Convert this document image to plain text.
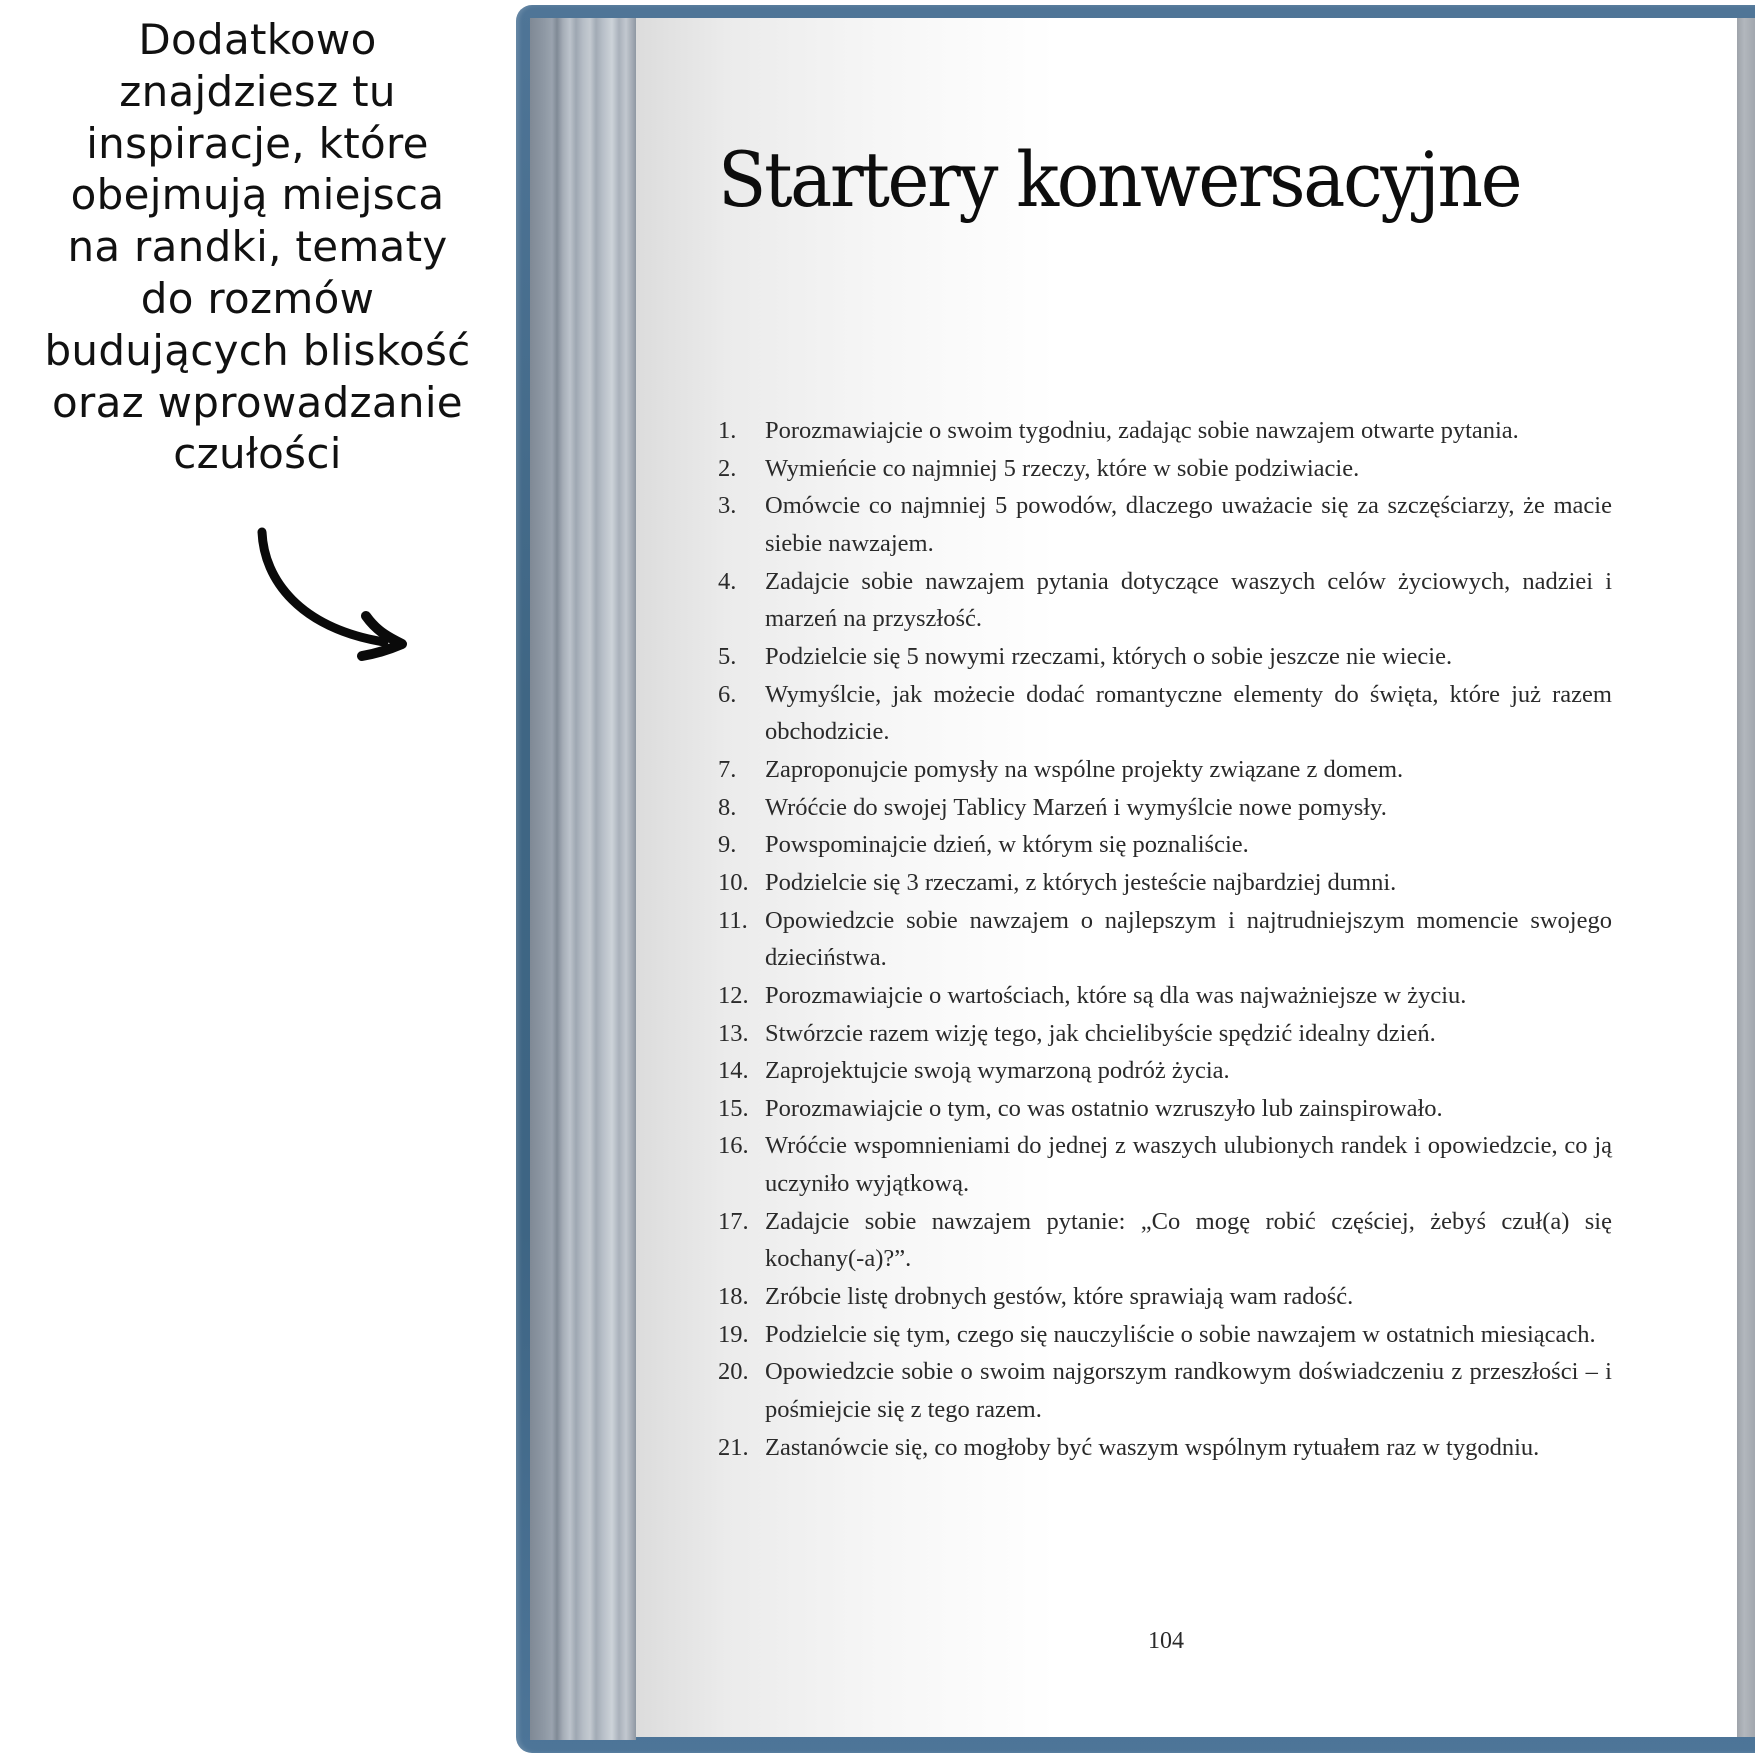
Dodatkowo
znajdziesz tu
inspiracje, które
obejmują miejsca
na randki, tematy
do rozmów
budujących bliskość
oraz wprowadzanie
czułości
Startery konwersacyjne
1. Porozmawiajcie o swoim tygodniu, zadając sobie nawzajem otwarte pytania.
2. Wymieńcie co najmniej 5 rzeczy, które w sobie podziwiacie.
3. Omówcie co najmniej 5 powodów, dlaczego uważacie się za szczęściarzy, że macie siebie nawzajem.
4. Zadajcie sobie nawzajem pytania dotyczące waszych celów życiowych, nadziei i marzeń na przyszłość.
5. Podzielcie się 5 nowymi rzeczami, których o sobie jeszcze nie wiecie.
6. Wymyślcie, jak możecie dodać romantyczne elementy do święta, które już razem obchodzicie.
7. Zaproponujcie pomysły na wspólne projekty związane z domem.
8. Wróćcie do swojej Tablicy Marzeń i wymyślcie nowe pomysły.
9. Powspominajcie dzień, w którym się poznaliście.
10. Podzielcie się 3 rzeczami, z których jesteście najbardziej dumni.
11. Opowiedzcie sobie nawzajem o najlepszym i najtrudniejszym momencie swojego dzieciństwa.
12. Porozmawiajcie o wartościach, które są dla was najważniejsze w życiu.
13. Stwórzcie razem wizję tego, jak chcielibyście spędzić idealny dzień.
14. Zaprojektujcie swoją wymarzoną podróż życia.
15. Porozmawiajcie o tym, co was ostatnio wzruszyło lub zainspirowało.
16. Wróćcie wspomnieniami do jednej z waszych ulubionych randek i opowiedzcie, co ją uczyniło wyjątkową.
17. Zadajcie sobie nawzajem pytanie: „Co mogę robić częściej, żebyś czuł(a) się kochany(-a)?”.
18. Zróbcie listę drobnych gestów, które sprawiają wam radość.
19. Podzielcie się tym, czego się nauczyliście o sobie nawzajem w ostatnich miesiącach.
20. Opowiedzcie sobie o swoim najgorszym randkowym doświadczeniu z przeszłości – i pośmiejcie się z tego razem.
21. Zastanówcie się, co mogłoby być waszym wspólnym rytuałem raz w tygodniu.
104
